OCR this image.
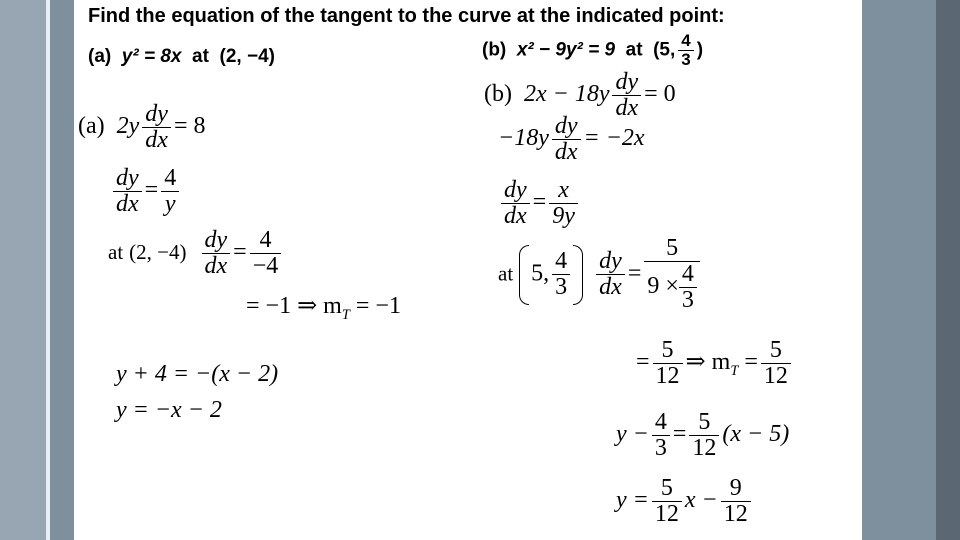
Find the equation of the tangent to the curve at the indicated point:
(a) y² = 8x at (2, −4)	(b) x² − 9y² = 9 at (5, $\frac{4}{3}$ )
(a) $2y \frac{dy}{dx} = 8$
$\frac{dy}{dx} = \frac{4}{y}$
at (2, $-4) \frac{dy}{dx} = \frac{4}{-4}$
= −1 ⇒ $m_T = -1$
y + 4 = −(x − 2)
y = −x − 2
(b) $2x - 18y \frac{dy}{dx} = 0$
$-18y \frac{dy}{dx} = -2x$
$\frac{dy}{dx} = \frac{x}{9y}$
at 5, $\frac{4}{3}$
$\frac{dy}{dx} = \frac{5}{9 \times \frac{4}{3}}$
= $\frac{5}{12}$ ⇒ $m_T = \frac{5}{12}$
$y - \frac{4}{3} = \frac{5}{12} (x - 5)$
$y = \frac{5}{12}$ $x - \frac{9}{12}$
